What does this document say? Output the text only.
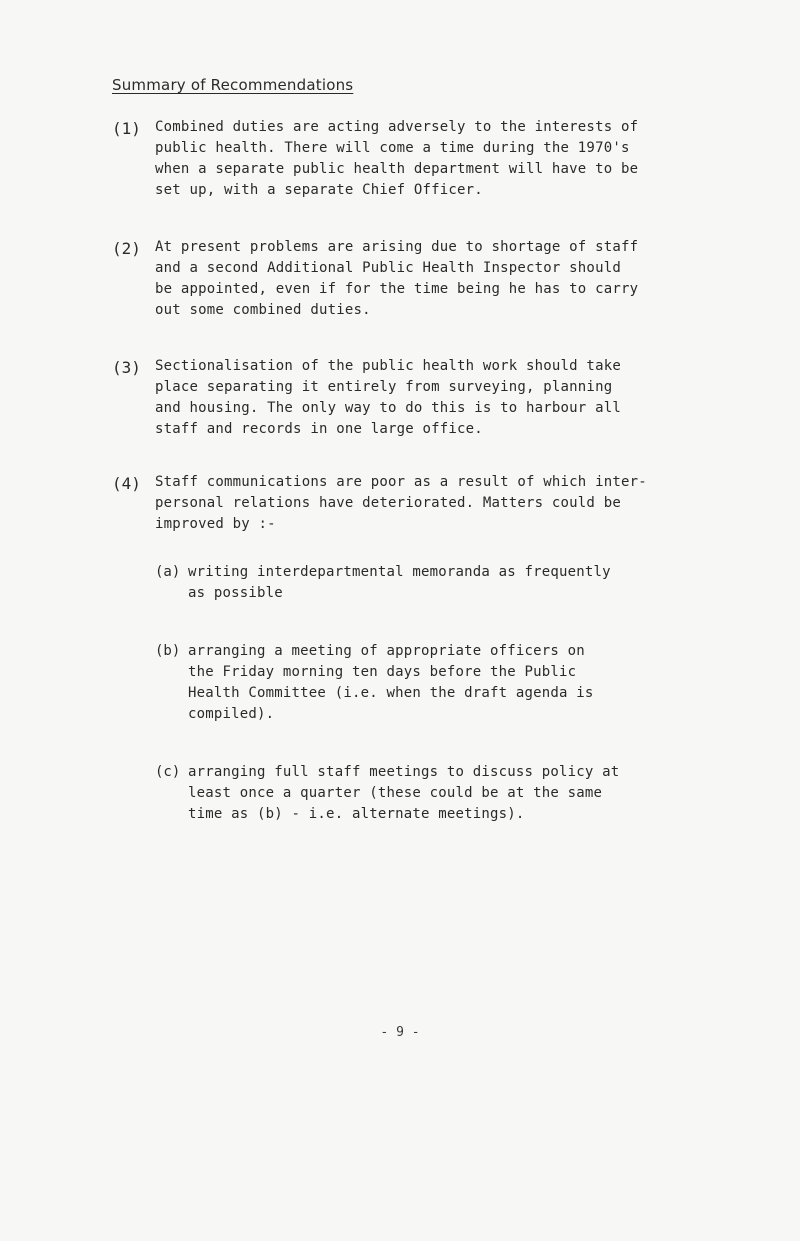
Summary of Recommendations
(1) Combined duties are acting adversely to the interests of
public health. There will come a time during the 1970's
when a separate public health department will have to be
set up, with a separate Chief Officer.
(2) At present problems are arising due to shortage of staff
and a second Additional Public Health Inspector should
be appointed, even if for the time being he has to carry
out some combined duties.
(3) Sectionalisation of the public health work should take
place separating it entirely from surveying, planning
and housing. The only way to do this is to harbour all
staff and records in one large office.
(4) Staff communications are poor as a result of which inter-
personal relations have deteriorated. Matters could be
improved by :-
(a) writing interdepartmental memoranda as frequently
as possible
(b) arranging a meeting of appropriate officers on
the Friday morning ten days before the Public
Health Committee (i.e. when the draft agenda is
compiled).
(c) arranging full staff meetings to discuss policy at
least once a quarter (these could be at the same
time as (b) - i.e. alternate meetings).
- 9 -
